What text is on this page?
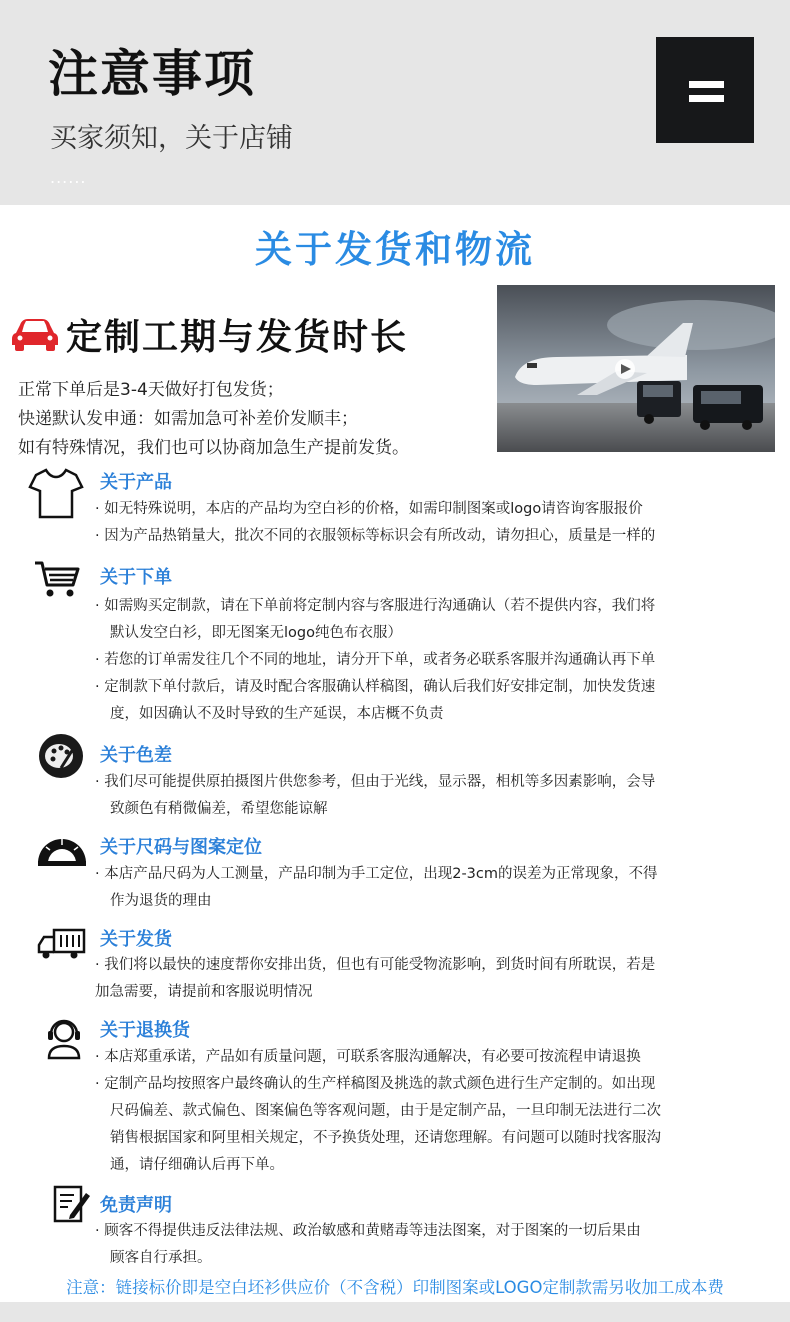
注意事项
买家须知，关于店铺
......
关于发货和物流
定制工期与发货时长
正常下单后是3-4天做好打包发货；
快递默认发申通：如需加急可补差价发顺丰；
如有特殊情况，我们也可以协商加急生产提前发货。
关于产品
· 如无特殊说明，本店的产品均为空白衫的价格，如需印制图案或logo请咨询客服报价
· 因为产品热销量大，批次不同的衣服领标等标识会有所改动，请勿担心，质量是一样的
关于下单
· 如需购买定制款，请在下单前将定制内容与客服进行沟通确认（若不提供内容，我们将
默认发空白衫，即无图案无logo纯色布衣服）
· 若您的订单需发往几个不同的地址，请分开下单，或者务必联系客服并沟通确认再下单
· 定制款下单付款后，请及时配合客服确认样稿图，确认后我们好安排定制，加快发货速
度，如因确认不及时导致的生产延误，本店概不负责
关于色差
· 我们尽可能提供原拍摄图片供您参考，但由于光线，显示器，相机等多因素影响，会导
致颜色有稍微偏差，希望您能谅解
关于尺码与图案定位
· 本店产品尺码为人工测量，产品印制为手工定位，出现2-3cm的误差为正常现象，不得
作为退货的理由
关于发货
· 我们将以最快的速度帮你安排出货，但也有可能受物流影响，到货时间有所耽误，若是
加急需要，请提前和客服说明情况
关于退换货
· 本店郑重承诺，产品如有质量问题，可联系客服沟通解决，有必要可按流程申请退换
· 定制产品均按照客户最终确认的生产样稿图及挑选的款式颜色进行生产定制的。如出现
尺码偏差、款式偏色、图案偏色等客观问题，由于是定制产品，一旦印制无法进行二次
销售根据国家和阿里相关规定，不予换货处理，还请您理解。有问题可以随时找客服沟
通，请仔细确认后再下单。
免责声明
· 顾客不得提供违反法律法规、政治敏感和黄赌毒等违法图案，对于图案的一切后果由
顾客自行承担。
注意：链接标价即是空白坯衫供应价（不含税）印制图案或LOGO定制款需另收加工成本费
